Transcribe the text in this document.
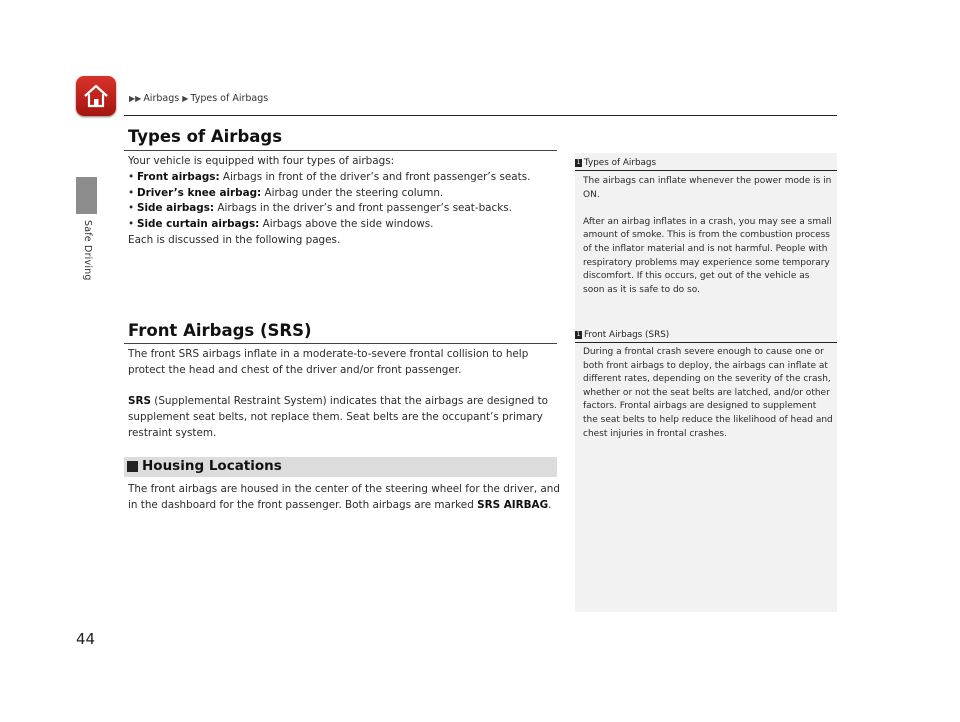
▶▶ Airbags ▶ Types of Airbags
Safe Driving
Types of Airbags

Your vehicle is equipped with four types of airbags:

• Front airbags: Airbags in front of the driver’s and front passenger’s seats.

• Driver’s knee airbag: Airbag under the steering column.

• Side airbags: Airbags in the driver’s and front passenger’s seat-backs.

• Side curtain airbags: Airbags above the side windows.

Each is discussed in the following pages.

Front Airbags (SRS)
The front SRS airbags inflate in a moderate-to-severe frontal collision to help protect the head and chest of the driver and/or front passenger.
SRS (Supplemental Restraint System) indicates that the airbags are designed to supplement seat belts, not replace them. Seat belts are the occupant’s primary restraint system.
Housing Locations
The front airbags are housed in the center of the steering wheel for the driver, and in the dashboard for the front passenger. Both airbags are marked SRS AIRBAG.
1 Types of Airbags

The airbags can inflate whenever the power mode is in ON.

After an airbag inflates in a crash, you may see a small amount of smoke. This is from the combustion process of the inflator material and is not harmful. People with respiratory problems may experience some temporary discomfort. If this occurs, get out of the vehicle as soon as it is safe to do so.

1 Front Airbags (SRS)

During a frontal crash severe enough to cause one or both front airbags to deploy, the airbags can inflate at different rates, depending on the severity of the crash, whether or not the seat belts are latched, and/or other factors. Frontal airbags are designed to supplement the seat belts to help reduce the likelihood of head and chest injuries in frontal crashes.

44
